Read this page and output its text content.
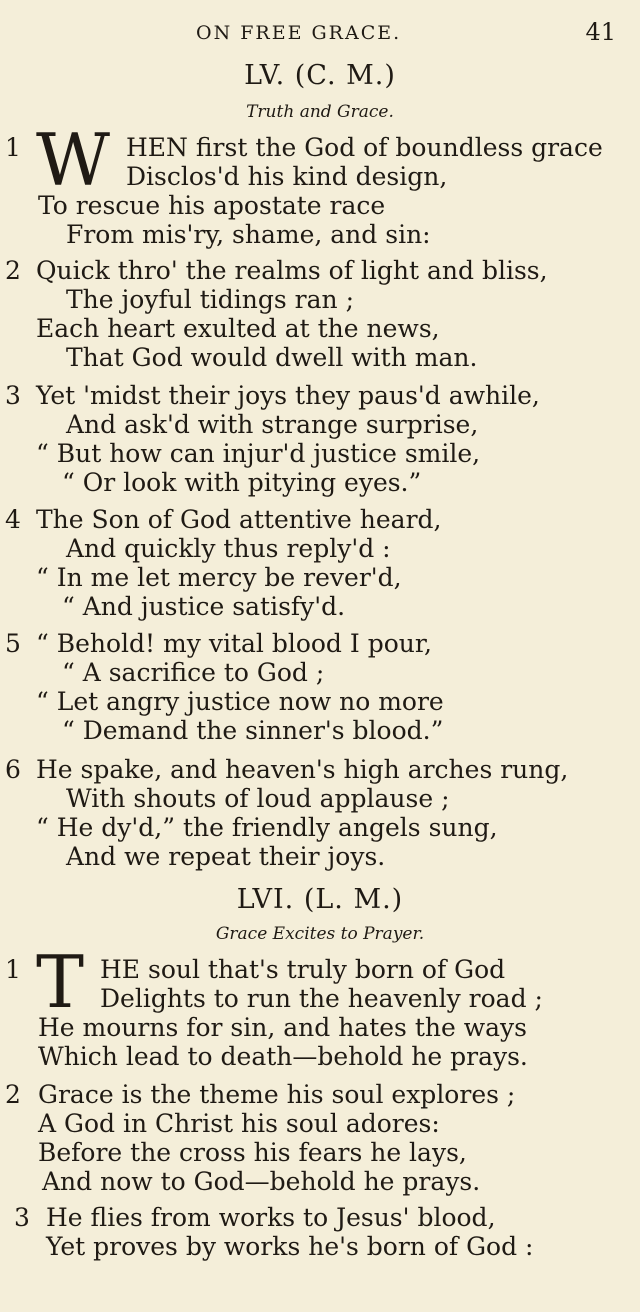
ON FREE GRACE.	41
LV. (C. M.)
Truth and Grace.
1 W HEN first the God of boundless grace
Disclos'd his kind design,
To rescue his apostate race
From mis'ry, shame, and sin:
2 Quick thro' the realms of light and bliss,
The joyful tidings ran ;
Each heart exulted at the news,
That God would dwell with man.
3 Yet 'midst their joys they paus'd awhile,
And ask'd with strange surprise,
“ But how can injur'd justice smile,
“ Or look with pitying eyes.”
4 The Son of God attentive heard,
And quickly thus reply'd :
“ In me let mercy be rever'd,
“ And justice satisfy'd.
5 “ Behold! my vital blood I pour,
“ A sacrifice to God ;
“ Let angry justice now no more
“ Demand the sinner's blood.”
6 He spake, and heaven's high arches rung,
With shouts of loud applause ;
“ He dy'd,” the friendly angels sung,
And we repeat their joys.
LVI. (L. M.)
Grace Excites to Prayer.
1 T HE soul that's truly born of God
Delights to run the heavenly road ;
He mourns for sin, and hates the ways
Which lead to death—behold he prays.
2 Grace is the theme his soul explores ;
A God in Christ his soul adores:
Before the cross his fears he lays,
And now to God—behold he prays.
3 He flies from works to Jesus' blood,
Yet proves by works he's born of God :
